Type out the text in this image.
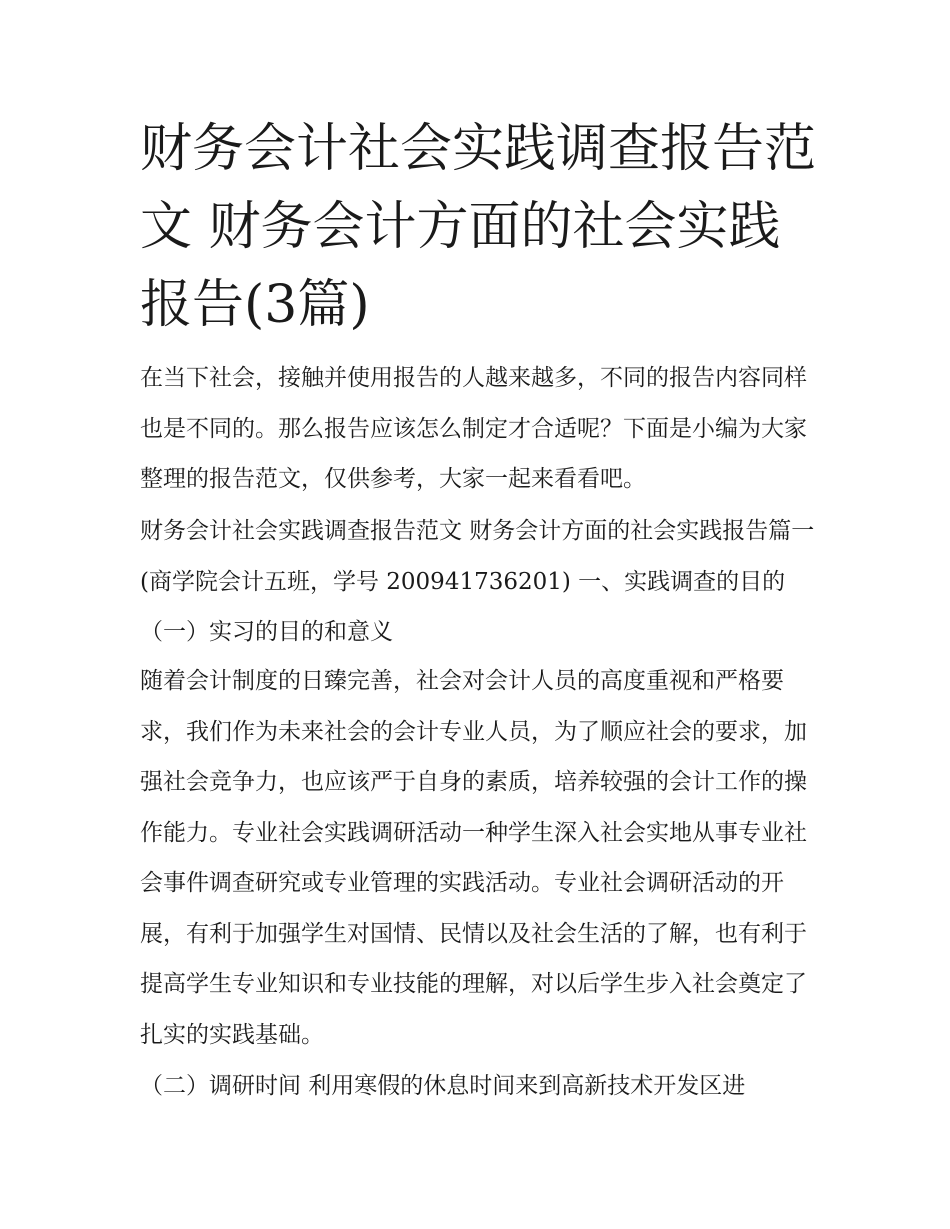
财务会计社会实践调查报告范文 财务会计方面的社会实践报告(3篇)

在当下社会，接触并使用报告的人越来越多，不同的报告内容同样也是不同的。那么报告应该怎么制定才合适呢？下面是小编为大家整理的报告范文，仅供参考，大家一起来看看吧。

财务会计社会实践调查报告范文 财务会计方面的社会实践报告篇一 (商学院会计五班，学号 200941736201) 一、实践调查的目的 （一）实习的目的和意义

随着会计制度的日臻完善，社会对会计人员的高度重视和严格要求，我们作为未来社会的会计专业人员，为了顺应社会的要求，加强社会竞争力，也应该严于自身的素质，培养较强的会计工作的操作能力。专业社会实践调研活动一种学生深入社会实地从事专业社会事件调查研究或专业管理的实践活动。专业社会调研活动的开展，有利于加强学生对国情、民情以及社会生活的了解，也有利于提高学生专业知识和专业技能的理解，对以后学生步入社会奠定了扎实的实践基础。

（二）调研时间 利用寒假的休息时间来到高新技术开发区进
